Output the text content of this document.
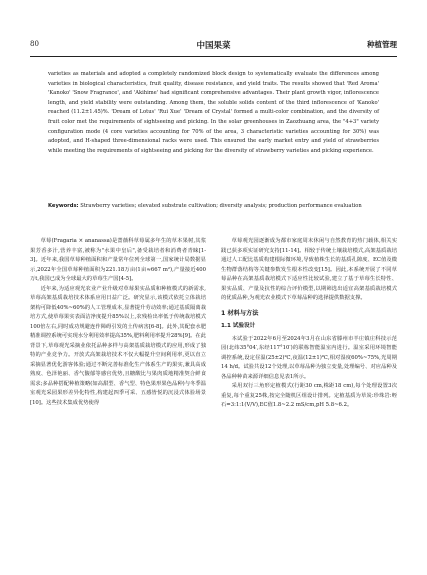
80	中国果菜	种植管理

varieties as materials and adopted a completely randomized block design to systematically evaluate the differences among varieties in biological characteristics, fruit quality, disease resistance, and yield traits. The results showed that 'Red Aroma' 'Kanoko' 'Snow Fragrance', and 'Akihime' had significant comprehensive advantages. Their plant growth vigor, inflorescence length, and yield stability were outstanding. Among them, the soluble solids content of the third inflorescence of 'Kanoko' reached (11.2±1.45)%. 'Dream of Lotus' 'Rui Xue' 'Dream of Crystal' formed a multi-color combination, and the diversity of fruit color met the requirements of sightseeing and picking. In the solar greenhouses in Zaozhuang area, the "4+3" variety configuration mode (4 core varieties accounting for 70% of the area, 3 characteristic varieties accounting for 30%) was adopted, and H-shaped three-dimensional racks were used. This ensured the early market entry and yield of strawberries while meeting the requirements of sightseeing and picking for the diversity of strawberry varieties and picking experience.

Keywords: Strawberry varieties; elevated substrate cultivation; diversity analysis; production performance evaluation

草莓(Fragaria × ananassa)是蔷薇科草莓属多年生的草本果树,其浆果芳香多汁,营养丰富,被称为"水果中皇后",备受栽培者和消费者青睐[1-3]。近年来,我国草莓种植面积和产量常年位列全球第一,国家统计局数据显示,2022年全国草莓种植面积为221.18万亩(1亩≈667 m²),产量接近400万t,我国已成为全球最大的草莓生产国[4-5]。

近年来,为适应观光农业产业升级对草莓果实品质和种植模式的新需求,草莓高架基质栽培技术体系应用日益广泛。研究显示,该模式依托立体栽培架构可降低40%~60%的人工管理成本,显著提升劳动效率;通过基质隔离栽培方式,使草莓果实表面洁净度提升85%以上,农残检出率低于传统栽培模式100倍左右,同时成功规避连作障碍引发的土传病害[6-8]。此外,其配套水肥精准调控系统可实现水分利用效率提高35%,肥料利用率提升28%[9]。在此背景下,草莓观光采摘业依托品种多样与高架基质栽培模式的应用,形成了独特的产业竞争力。开放式高架栽培技术不仅大幅提升空间利用率,更以直立采摘显著优化游客体验;通过不断完善标准化生产体系生产的果实,兼具高成熟度、色泽艳丽、香气馥郁等感官优势,且糖酸比与果肉质地精准契合鲜食需求;多品种搭配种植策略(如高甜型、香气型、特色果形果色品种)与冬季温室观光采园果形差异化特性,构建起四季可采、五感皆悦的沉浸式体验场景[10]。这些技术集成优势使得

草莓观光园逐渐成为都市家庭周末休闲与自然教育的热门载体,相关实践已获多项实证研究支持[11-14]。相较于传统土壤栽培模式,高架基质栽培通过人工配比基质构建根际微环境,导致植株生长的基质孔隙度、EC值及微生物群落结构等关键参数发生根本性改变[15]。因此,本系统开展了不同草莓品种在高架基质栽培模式下适应性比较试验,建立了基于草莓生长特性、果实品质、产量及抗性的综合评价模型,以期筛选出适宜高架基质栽培模式的优质品种,为观光农业模式下草莓品种的选择提供数据支撑。

1 材料与方法

1.1 试验设计

本试验于2022年6月至2024年3月在山东省滕州市羊庄镇庄科技示范园(北纬35°04′,东经117°10′)的联栋智能温室内进行。温室采用环境智能调控系统,设定昼温(25±2)℃,夜温(12±1)℃,相对湿度60%~75%,光周期14 h/d。试验共设12个处理,以草莓品种为独立变量,处理编号、对应品种及各品种种苗来源详细信息见表1所示。

采用双行三角形定植模式(行距30 cm,株距18 cm),每个处理设置3次重复,每个重复25株,按完全随机区组设计排列。定植基质为草炭:珍珠岩:蛭石=3:1:1(V/V),EC值1.8~2.2 mS/cm,pH 5.8~6.2。
